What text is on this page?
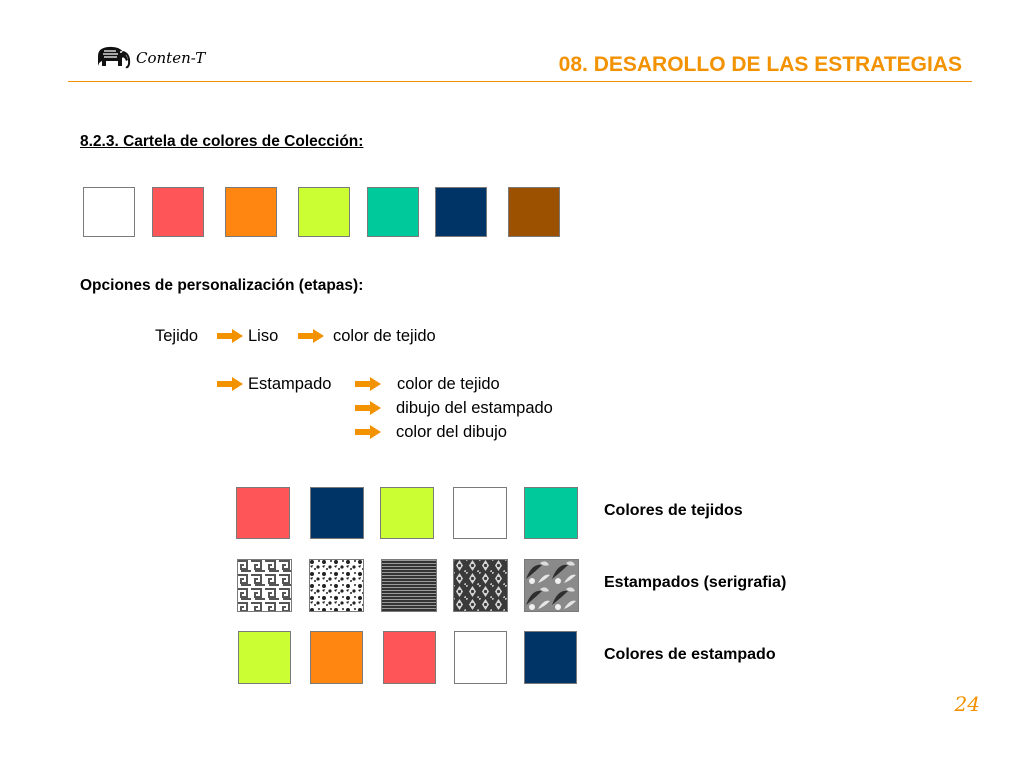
Conten-T	08. DESAROLLO DE LAS ESTRATEGIAS
8.2.3. Cartela de colores de Colección:
Opciones de personalización (etapas):
Tejido	Liso	color de tejido
Estampado	color de tejido
dibujo del estampado
color del dibujo
Colores de tejidos
Estampados (serigrafia)
Colores de estampado
24
